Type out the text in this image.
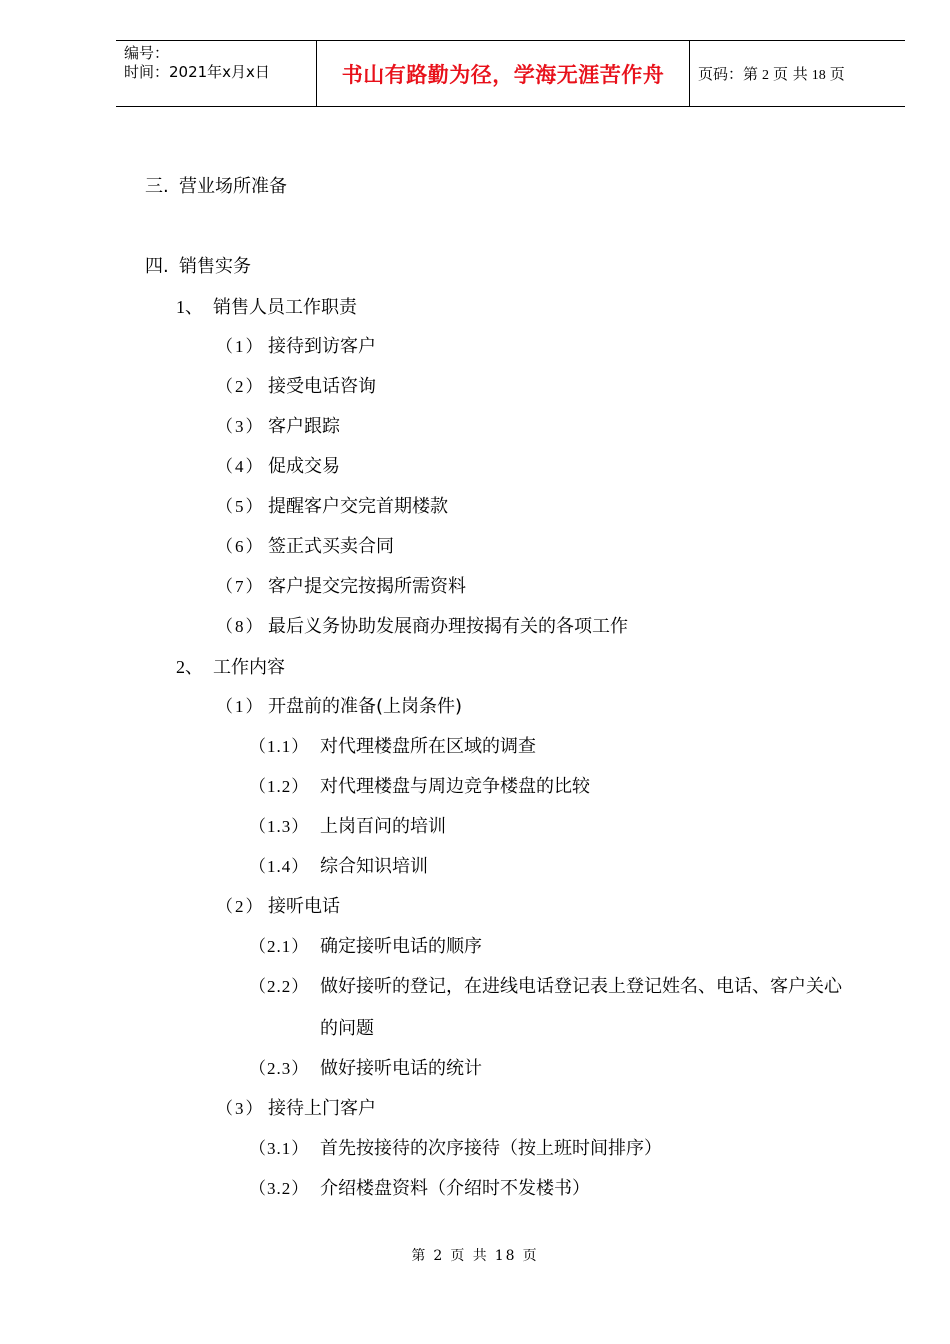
编号：
时间：2021年x月x日	书山有路勤为径，学海无涯苦作舟 页码：第 2 页 共 18 页
三. 营业场所准备
四. 销售实务
1、 销售人员工作职责
（1） 接待到访客户
（2） 接受电话咨询
（3） 客户跟踪
（4） 促成交易
（5） 提醒客户交完首期楼款
（6） 签正式买卖合同
（7） 客户提交完按揭所需资料
（8） 最后义务协助发展商办理按揭有关的各项工作
2、 工作内容
（1） 开盘前的准备(上岗条件)
（1.1） 对代理楼盘所在区域的调查
（1.2） 对代理楼盘与周边竞争楼盘的比较
（1.3） 上岗百问的培训
（1.4） 综合知识培训
（2） 接听电话
（2.1） 确定接听电话的顺序
（2.2） 做好接听的登记，在进线电话登记表上登记姓名、电话、客户关心
的问题
（2.3） 做好接听电话的统计
（3） 接待上门客户
（3.1） 首先按接待的次序接待（按上班时间排序）
（3.2） 介绍楼盘资料（介绍时不发楼书）
第 2 页 共 18 页
